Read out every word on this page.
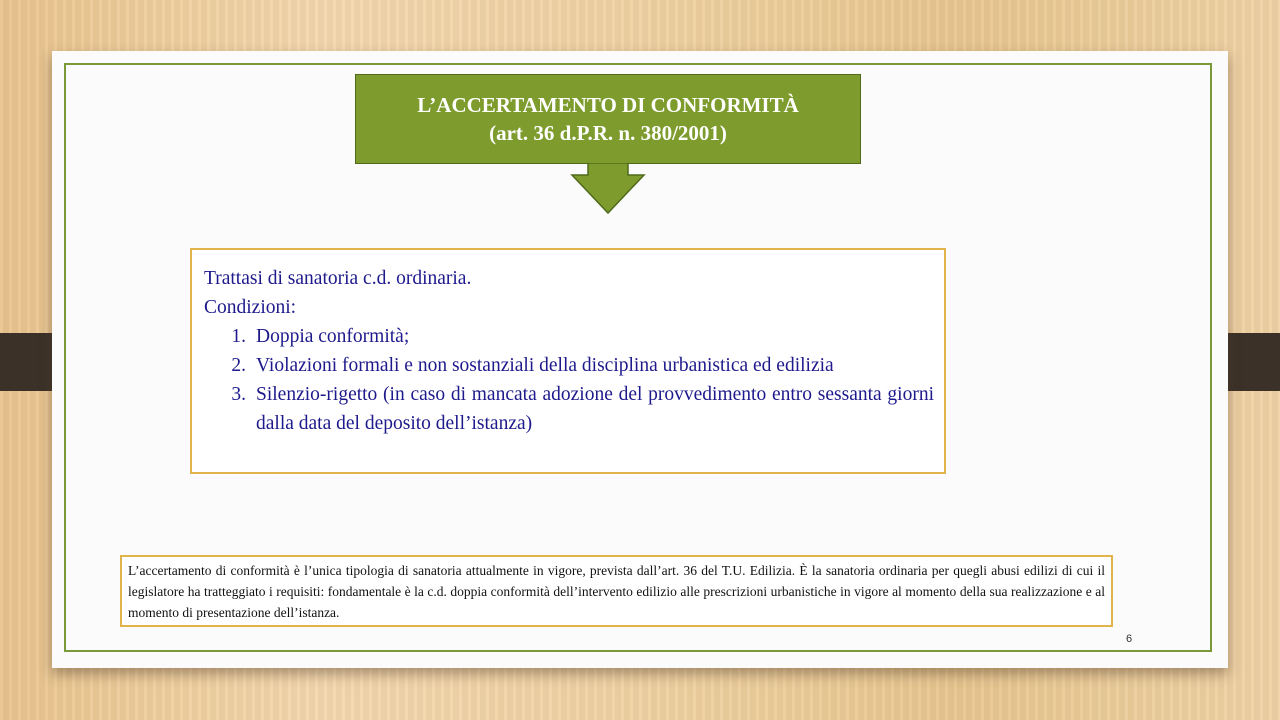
L’ACCERTAMENTO DI CONFORMITÀ
(art. 36 d.P.R. n. 380/2001)

Trattasi di sanatoria c.d. ordinaria.

Condizioni:

1. Doppia conformità;
2. Violazioni formali e non sostanziali della disciplina urbanistica ed edilizia
3. Silenzio-rigetto (in caso di mancata adozione del provvedimento entro sessanta giorni dalla data del deposito dell’istanza)
L’accertamento di conformità è l’unica tipologia di sanatoria attualmente in vigore, prevista dall’art. 36 del T.U. Edilizia. È la sanatoria ordinaria per quegli abusi edilizi di cui il legislatore ha tratteggiato i requisiti: fondamentale è la c.d. doppia conformità dell’intervento edilizio alle prescrizioni urbanistiche in vigore al momento della sua realizzazione e al momento di presentazione dell’istanza.
6
